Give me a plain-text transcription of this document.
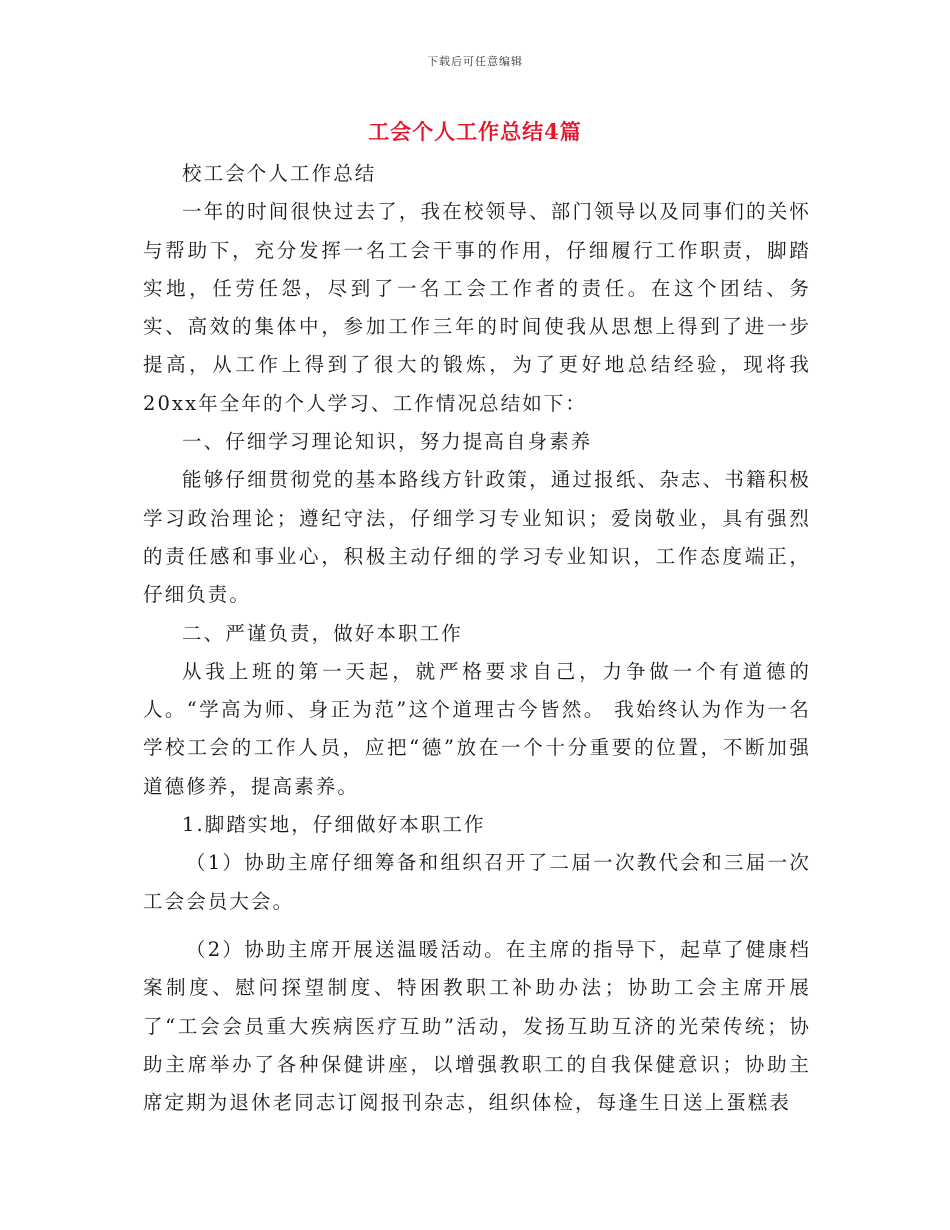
下载后可任意编辑
工会个人工作总结4篇

校工会个人工作总结

一年的时间很快过去了，我在校领导、部门领导以及同事们的关怀与帮助下，充分发挥一名工会干事的作用，仔细履行工作职责，脚踏实地，任劳任怨，尽到了一名工会工作者的责任。在这个团结、务实、高效的集体中，参加工作三年的时间使我从思想上得到了进一步提高，从工作上得到了很大的锻炼，为了更好地总结经验，现将我20xx年全年的个人学习、工作情况总结如下：

一、仔细学习理论知识，努力提高自身素养

能够仔细贯彻党的基本路线方针政策，通过报纸、杂志、书籍积极学习政治理论；遵纪守法，仔细学习专业知识；爱岗敬业，具有强烈的责任感和事业心，积极主动仔细的学习专业知识，工作态度端正，仔细负责。

二、严谨负责，做好本职工作

从我上班的第一天起，就严格要求自己，力争做一个有道德的人。“学高为师、身正为范”这个道理古今皆然。 我始终认为作为一名学校工会的工作人员，应把“德”放在一个十分重要的位置，不断加强道德修养，提高素养。

1.脚踏实地，仔细做好本职工作

（1）协助主席仔细筹备和组织召开了二届一次教代会和三届一次工会会员大会。

（2）协助主席开展送温暖活动。在主席的指导下，起草了健康档案制度、慰问探望制度、特困教职工补助办法；协助工会主席开展了“工会会员重大疾病医疗互助”活动，发扬互助互济的光荣传统；协助主席举办了各种保健讲座，以增强教职工的自我保健意识；协助主席定期为退休老同志订阅报刊杂志，组织体检，每逢生日送上蛋糕表
